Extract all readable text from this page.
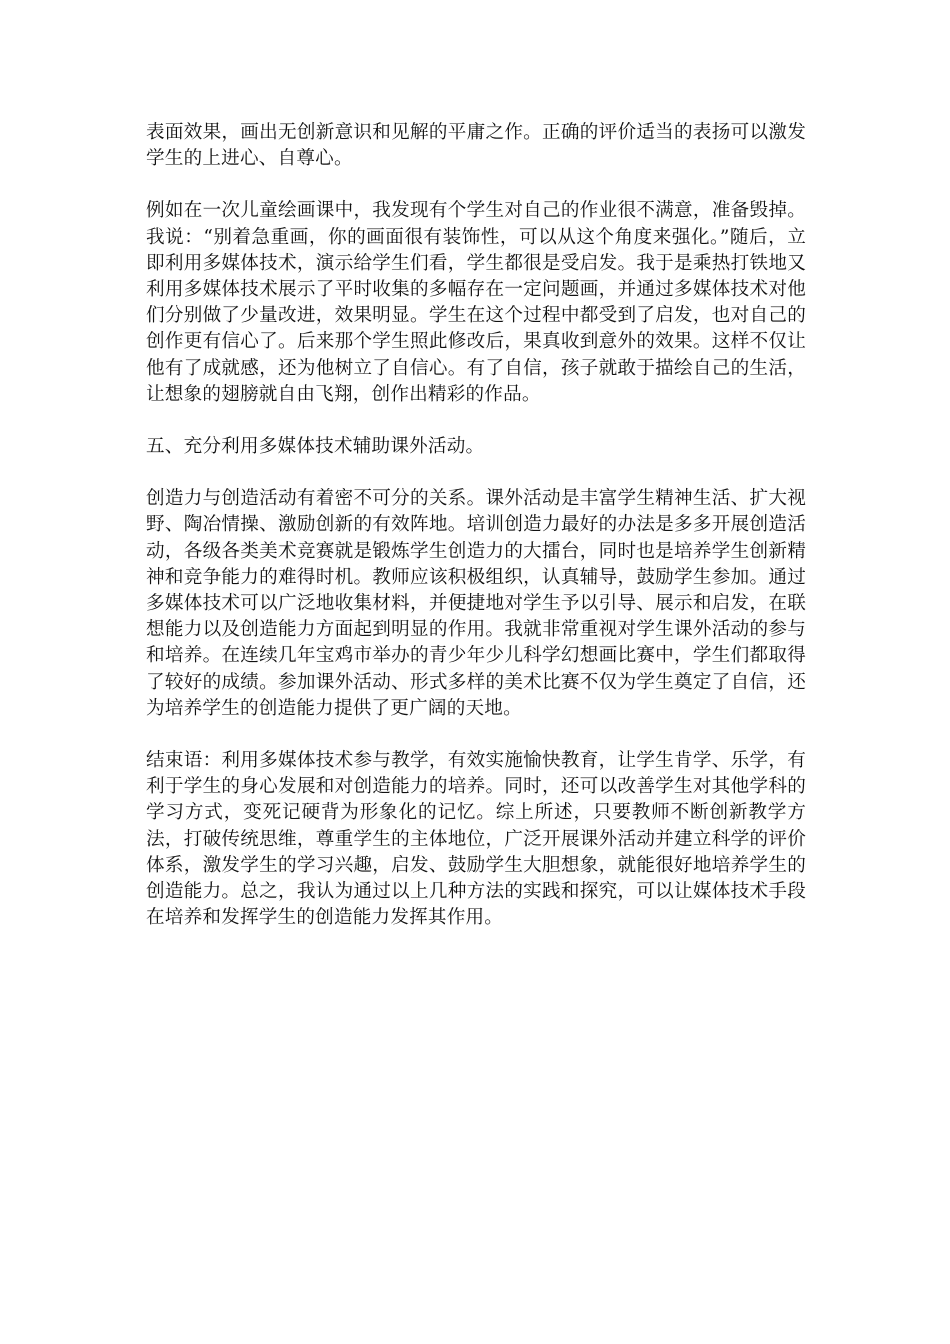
表面效果，画出无创新意识和见解的平庸之作。正确的评价适当的表扬可以激发学生的上进心、自尊心。

例如在一次儿童绘画课中，我发现有个学生对自己的作业很不满意，准备毁掉。我说：“别着急重画，你的画面很有装饰性，可以从这个角度来强化。”随后，立即利用多媒体技术，演示给学生们看，学生都很是受启发。我于是乘热打铁地又利用多媒体技术展示了平时收集的多幅存在一定问题画，并通过多媒体技术对他们分别做了少量改进，效果明显。学生在这个过程中都受到了启发，也对自己的创作更有信心了。后来那个学生照此修改后，果真收到意外的效果。这样不仅让他有了成就感，还为他树立了自信心。有了自信，孩子就敢于描绘自己的生活，让想象的翅膀就自由飞翔，创作出精彩的作品。

五、充分利用多媒体技术辅助课外活动。

创造力与创造活动有着密不可分的关系。课外活动是丰富学生精神生活、扩大视野、陶冶情操、激励创新的有效阵地。培训创造力最好的办法是多多开展创造活动，各级各类美术竞赛就是锻炼学生创造力的大擂台，同时也是培养学生创新精神和竞争能力的难得时机。教师应该积极组织，认真辅导，鼓励学生参加。通过多媒体技术可以广泛地收集材料，并便捷地对学生予以引导、展示和启发，在联想能力以及创造能力方面起到明显的作用。我就非常重视对学生课外活动的参与和培养。在连续几年宝鸡市举办的青少年少儿科学幻想画比赛中，学生们都取得了较好的成绩。参加课外活动、形式多样的美术比赛不仅为学生奠定了自信，还为培养学生的创造能力提供了更广阔的天地。

结束语：利用多媒体技术参与教学，有效实施愉快教育，让学生肯学、乐学，有利于学生的身心发展和对创造能力的培养。同时，还可以改善学生对其他学科的学习方式，变死记硬背为形象化的记忆。综上所述，只要教师不断创新教学方法，打破传统思维，尊重学生的主体地位，广泛开展课外活动并建立科学的评价体系，激发学生的学习兴趣，启发、鼓励学生大胆想象，就能很好地培养学生的创造能力。总之，我认为通过以上几种方法的实践和探究，可以让媒体技术手段在培养和发挥学生的创造能力发挥其作用。
